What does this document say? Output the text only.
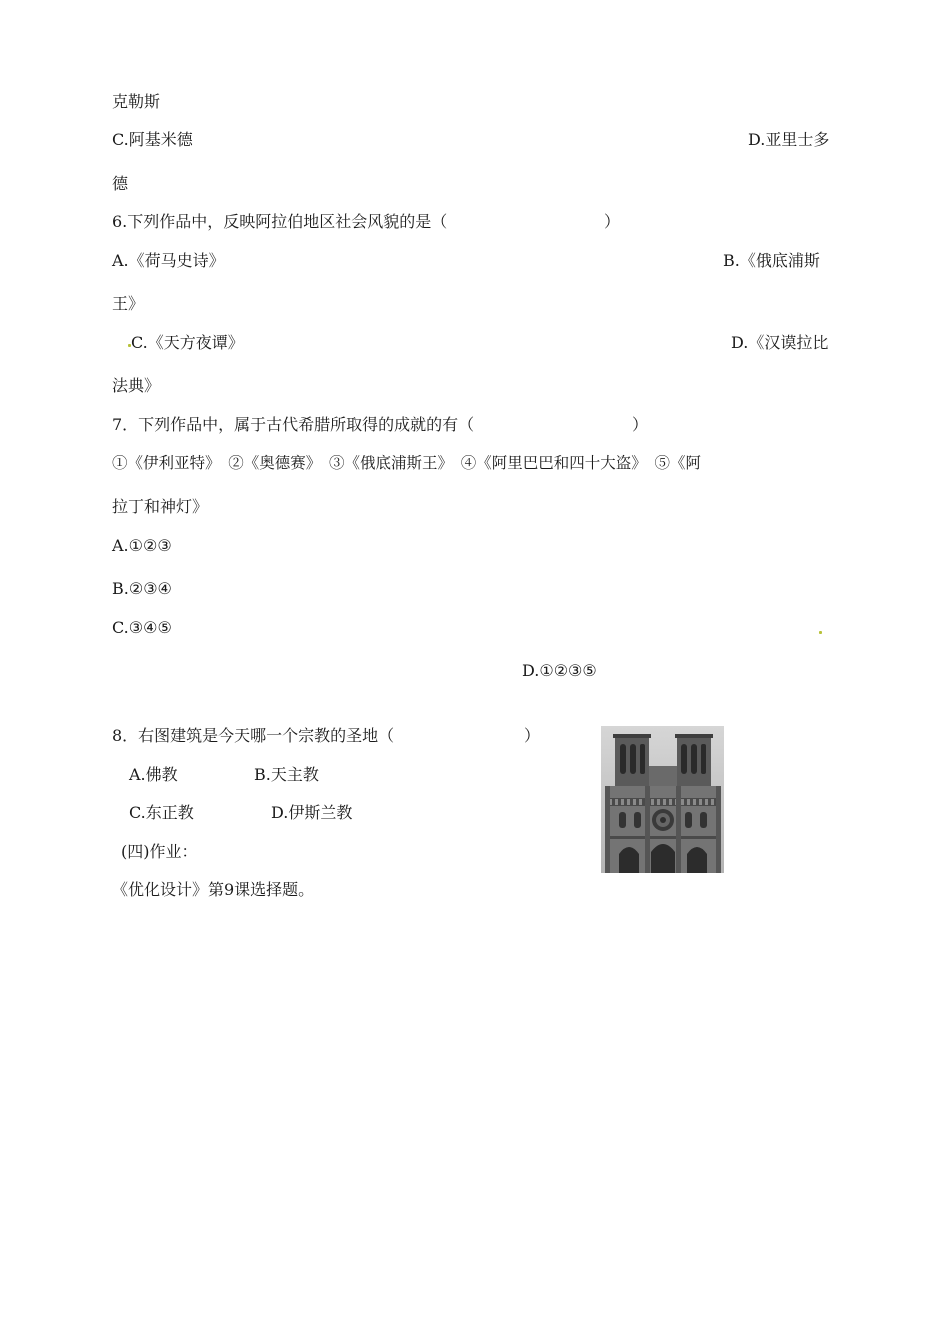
克勒斯
C.阿基米德	D.亚里士多
德
6.下列作品中，反映阿拉伯地区社会风貌的是（	）
A.《荷马史诗》	B.《俄底浦斯
王》
C.《天方夜谭》	D.《汉谟拉比
法典》
7．下列作品中，属于古代希腊所取得的成就的有（	）
①《伊利亚特》　②《奥德赛》　③《俄底浦斯王》　④《阿里巴巴和四十大盗》　⑤《阿
拉丁和神灯》
A.①②③
B.②③④
C.③④⑤
D.①②③⑤
8．右图建筑是今天哪一个宗教的圣地（	）
A.佛教	B.天主教
C.东正教	D.伊斯兰教
(四)作业：
《优化设计》第9课选择题。
